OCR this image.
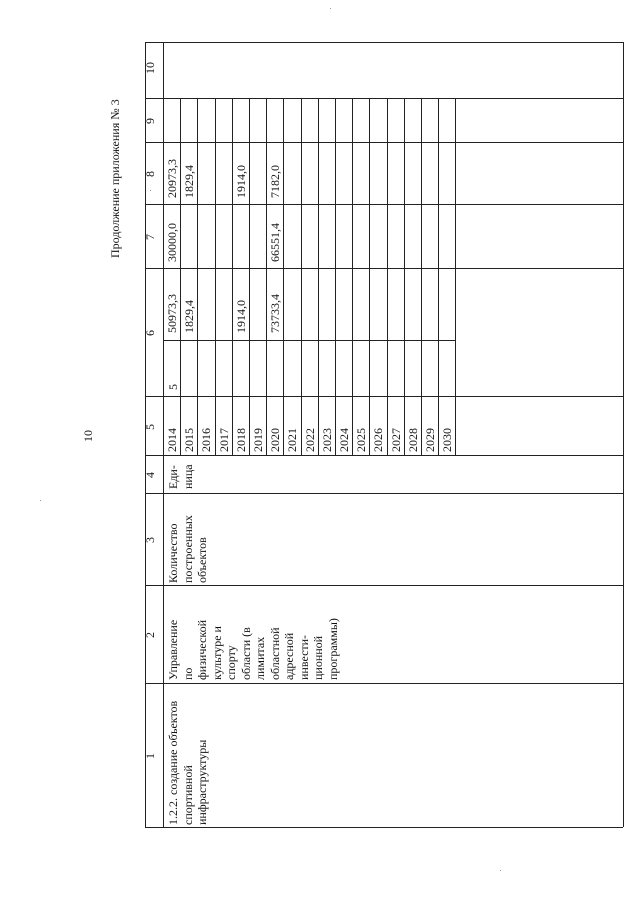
10
Продолжение приложения № 3
1
2
3
4
5
6
7
8
9
10
1.2.2. создание объектов спортивной инфраструктуры
Управление по физической культуре и спорту области (в лимитах областной адресной инвести- ционной программы)
Количество построенных объектов
Еди- ница
5
2014
50973,3
30000,0
20973,3
2015
1829,4
1829,4
2016 2017 2018
1914,0
1914,0
2019 2020
73733,4
66551,4
7182,0
2021 2022 2023 2024 2025 2026 2027 2028 2029 2030
